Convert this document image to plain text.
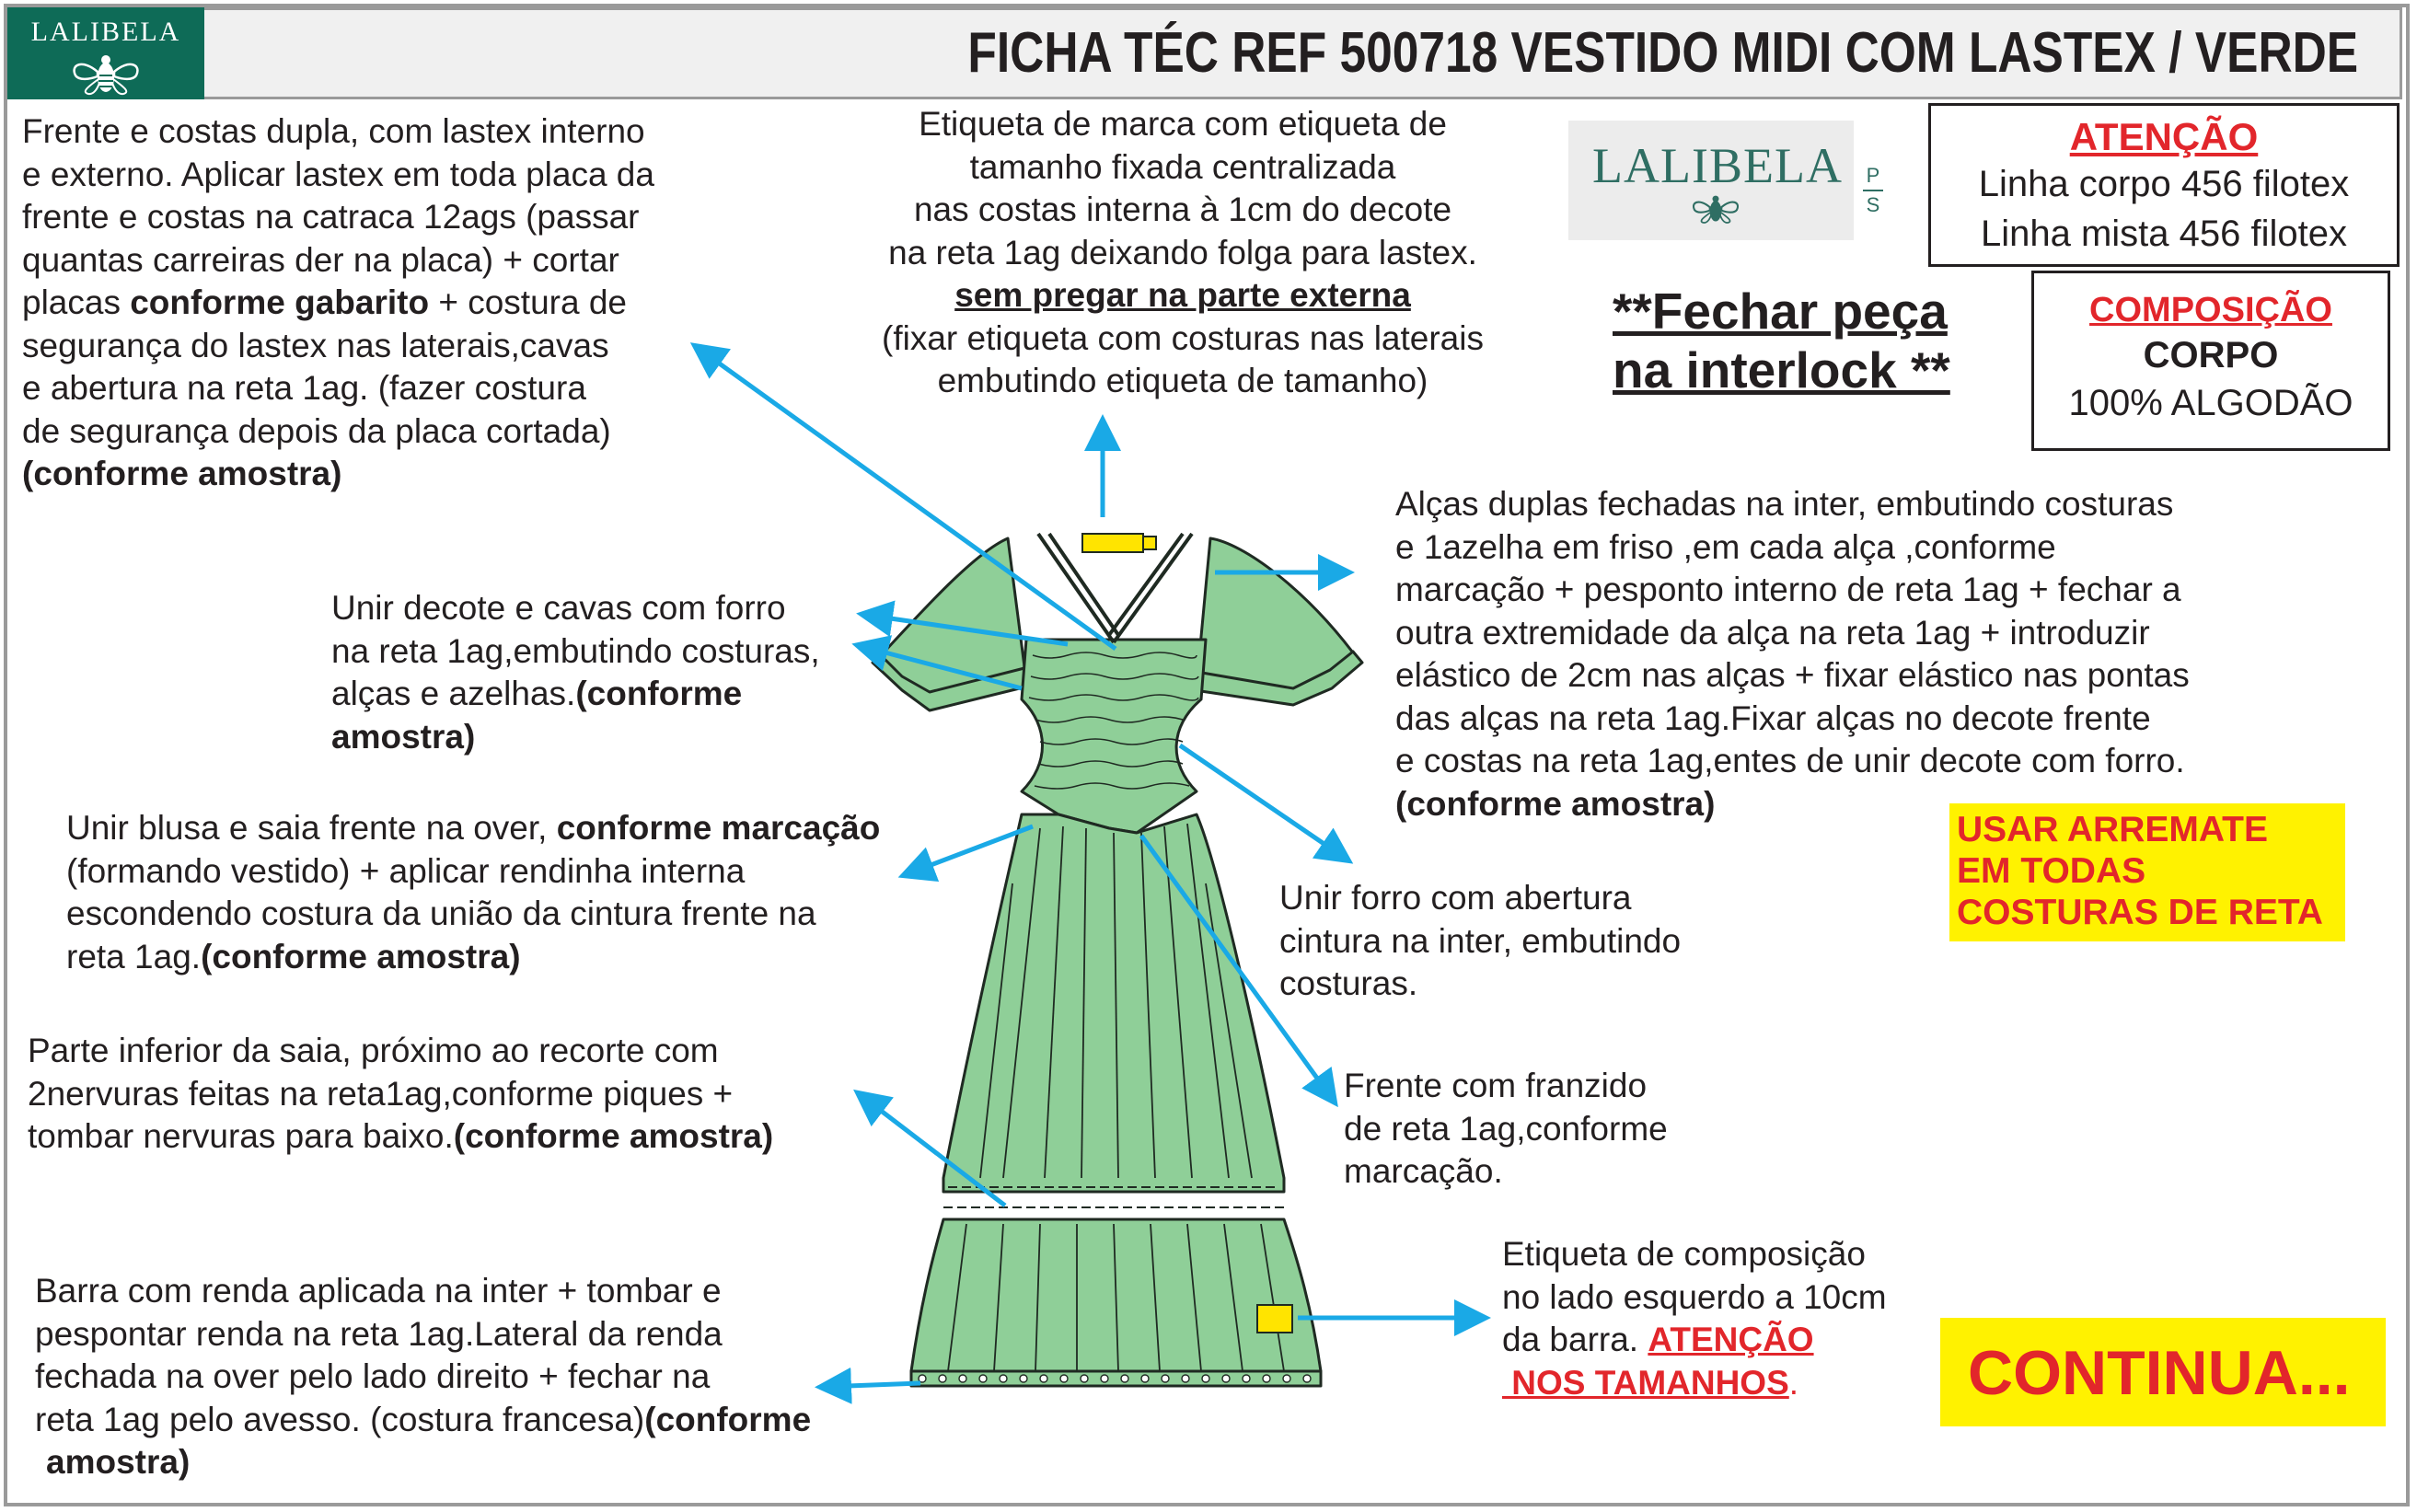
LALIBELA	FICHA TÉC REF 500718 VESTIDO MIDI COM LASTEX / VERDE
LALIBELA	P
S
ATENÇÃO
Linha corpo 456 filotex
Linha mista 456 filotex
COMPOSIÇÃO
CORPO
100% ALGODÃO
**Fechar peça
na interlock **
USAR ARREMATE
EM TODAS
COSTURAS DE RETA
CONTINUA...
Frente e costas dupla, com lastex interno
e externo. Aplicar lastex em toda placa da
frente e costas na catraca 12ags (passar
quantas carreiras der na placa) + cortar
placas conforme gabarito + costura de
segurança do lastex nas laterais,cavas
e abertura na reta 1ag. (fazer costura
de segurança depois da placa cortada)
(conforme amostra)
Etiqueta de marca com etiqueta de
tamanho fixada centralizada
nas costas interna à 1cm do decote
na reta 1ag deixando folga para lastex.
sem pregar na parte externa
(fixar etiqueta com costuras nas laterais
embutindo etiqueta de tamanho)
Unir decote e cavas com forro
na reta 1ag,embutindo costuras,
alças e azelhas.(conforme
amostra)
Alças duplas fechadas na inter, embutindo costuras
e 1azelha em friso ,em cada alça ,conforme
marcação + pesponto interno de reta 1ag + fechar a
outra extremidade da alça na reta 1ag + introduzir
elástico de 2cm nas alças + fixar elástico nas pontas
das alças na reta 1ag.Fixar alças no decote frente
e costas na reta 1ag,entes de unir decote com forro.
(conforme amostra)
Unir blusa e saia frente na over, conforme marcação
(formando vestido) + aplicar rendinha interna
escondendo costura da união da cintura frente na
reta 1ag.(conforme amostra)
Unir forro com abertura
cintura na inter, embutindo
costuras.
Parte inferior da saia, próximo ao recorte com
2nervuras feitas na reta1ag,conforme piques +
tombar nervuras para baixo.(conforme amostra)
Frente com franzido
de reta 1ag,conforme
marcação.
Barra com renda aplicada na inter + tombar e
pespontar renda na reta 1ag.Lateral da renda
fechada na over pelo lado direito + fechar na
reta 1ag pelo avesso. (costura francesa)(conforme
amostra)
Etiqueta de composição
no lado esquerdo a 10cm
da barra. ATENÇÃO
NOS TAMANHOS.
